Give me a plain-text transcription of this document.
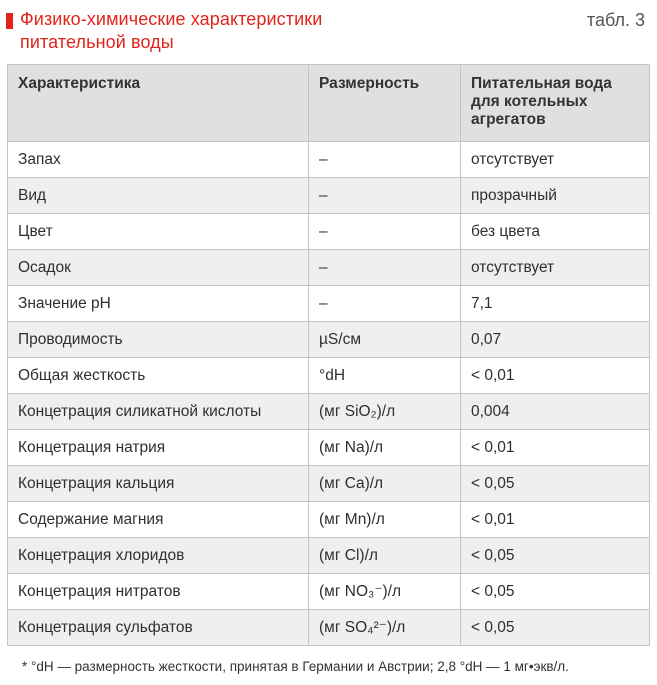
Физико-химические характеристики
питательной воды
табл. 3
Характеристика	Размерность	Питательная вода для котельных агрегатов
Запах	–	отсутствует
Вид	–	прозрачный
Цвет	–	без цвета
Осадок	–	отсутствует
Значение рН	–	7,1
Проводимость	µS/см	0,07
Общая жесткость	°dH	< 0,01
Концетрация силикатной кислоты	(мг SiO₂)/л	0,004
Концетрация натрия	(мг Na)/л	< 0,01
Концетрация кальция	(мг Ca)/л	< 0,05
Содержание магния	(мг Mn)/л	< 0,01
Концетрация хлоридов	(мг Cl)/л	< 0,05
Концетрация нитратов	(мг NO₃⁻)/л	< 0,05
Концетрация сульфатов	(мг SO₄²⁻)/л	< 0,05
* °dH — размерность жесткости, принятая в Германии и Австрии; 2,8 °dH — 1 мг•экв/л.
